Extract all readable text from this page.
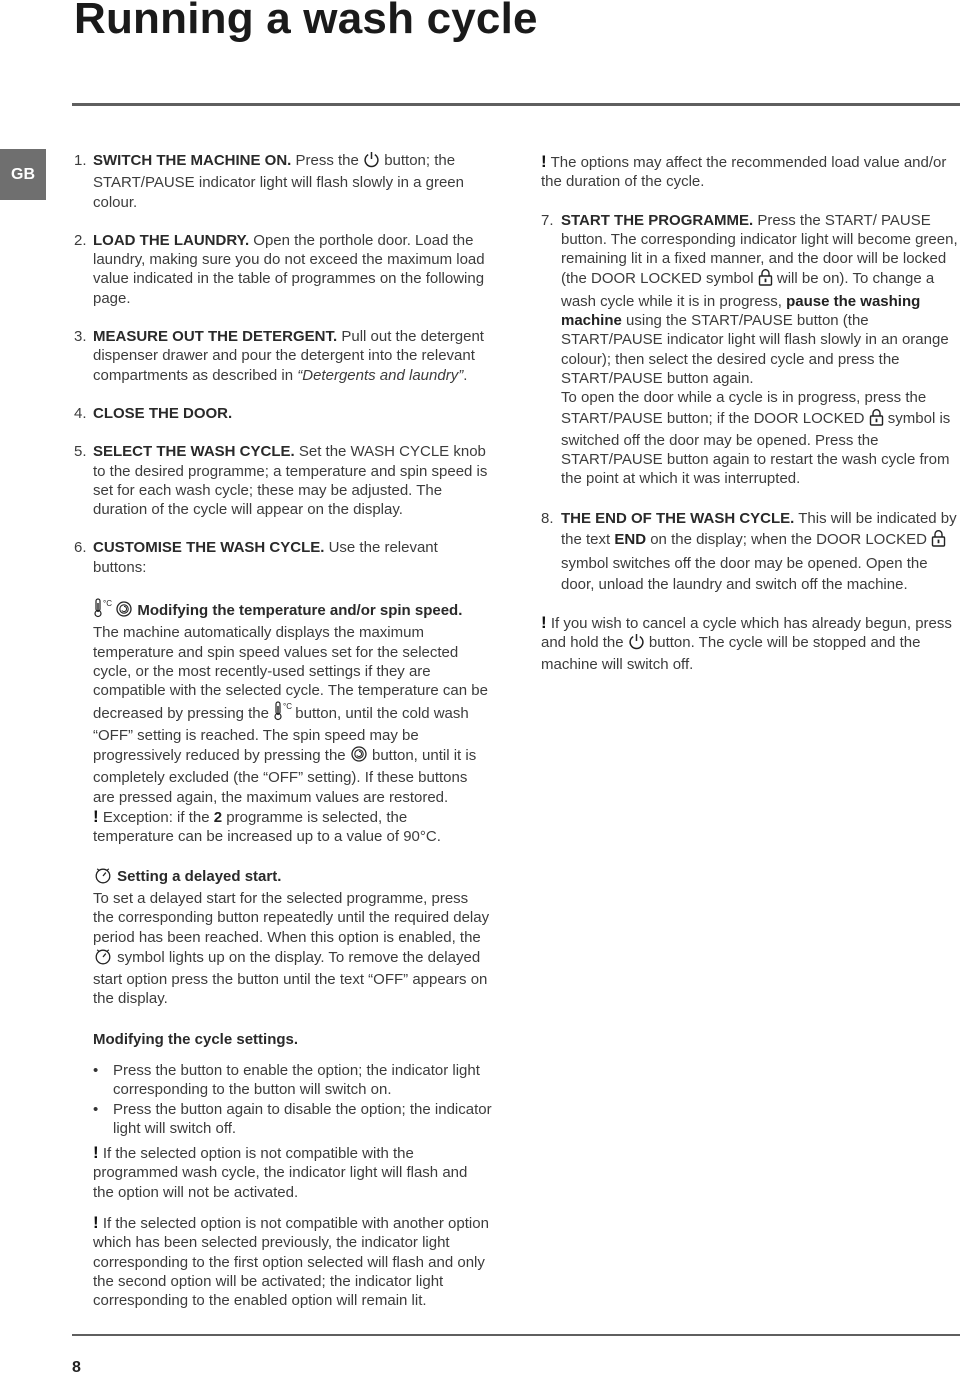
Running a wash cycle
GB
1. SWITCH THE MACHINE ON. Press the  button; the START/PAUSE indicator light will flash slowly in a green colour.
2. LOAD THE LAUNDRY. Open the porthole door. Load the laundry, making sure you do not exceed the maximum load value indicated in the table of programmes on the following page.
3. MEASURE OUT THE DETERGENT. Pull out the detergent dispenser drawer and pour the detergent into the relevant compartments as described in “Detergents and laundry”.
4. CLOSE THE DOOR.
5. SELECT THE WASH CYCLE. Set the WASH CYCLE knob to the desired programme; a temperature and spin speed is set for each wash cycle; these may be adjusted. The duration of the cycle will appear on the display.
6. CUSTOMISE THE WASH CYCLE. Use the relevant buttons:
°C Modifying the temperature and/or spin speed. The machine automatically displays the maximum temperature and spin speed values set for the selected cycle, or the most recently-used settings if they are compatible with the selected cycle. The temperature can be decreased by pressing the °C button, until the cold wash “OFF” setting is reached. The spin speed may be progressively reduced by pressing the  button, until it is completely excluded (the “OFF” setting). If these buttons are pressed again, the maximum values are restored.
! Exception: if the 2 programme is selected, the temperature can be increased up to a value of 90°C.
Setting a delayed start.
To set a delayed start for the selected programme, press the corresponding button repeatedly until the required delay period has been reached. When this option is enabled, the  symbol lights up on the display. To remove the delayed start option press the button until the text “OFF” appears on the display.
Modifying the cycle settings.
• Press the button to enable the option; the indicator light corresponding to the button will switch on.
• Press the button again to disable the option; the indicator light will switch off.

! If the selected option is not compatible with the programmed wash cycle, the indicator light will flash and the option will not be activated.

! If the selected option is not compatible with another option which has been selected previously, the indicator light corresponding to the first option selected will flash and only the second option will be activated; the indicator light corresponding to the enabled option will remain lit.

! The options may affect the recommended load value and/or the duration of the cycle.

7. START THE PROGRAMME. Press the START/ PAUSE button. The corresponding indicator light will become green, remaining lit in a fixed manner, and the door will be locked (the DOOR LOCKED symbol  will be on). To change a wash cycle while it is in progress, pause the washing machine using the START/PAUSE button (the START/PAUSE indicator light will flash slowly in an orange colour); then select the desired cycle and press the START/PAUSE button again.
To open the door while a cycle is in progress, press the START/PAUSE button; if the DOOR LOCKED  symbol is switched off the door may be opened. Press the START/PAUSE button again to restart the wash cycle from the point at which it was interrupted.
8. THE END OF THE WASH CYCLE. This will be indicated by the text END on the display; when the DOOR LOCKED  symbol switches off the door may be opened. Open the door, unload the laundry and switch off the machine.

! If you wish to cancel a cycle which has already begun, press and hold the  button. The cycle will be stopped and the machine will switch off.

8
